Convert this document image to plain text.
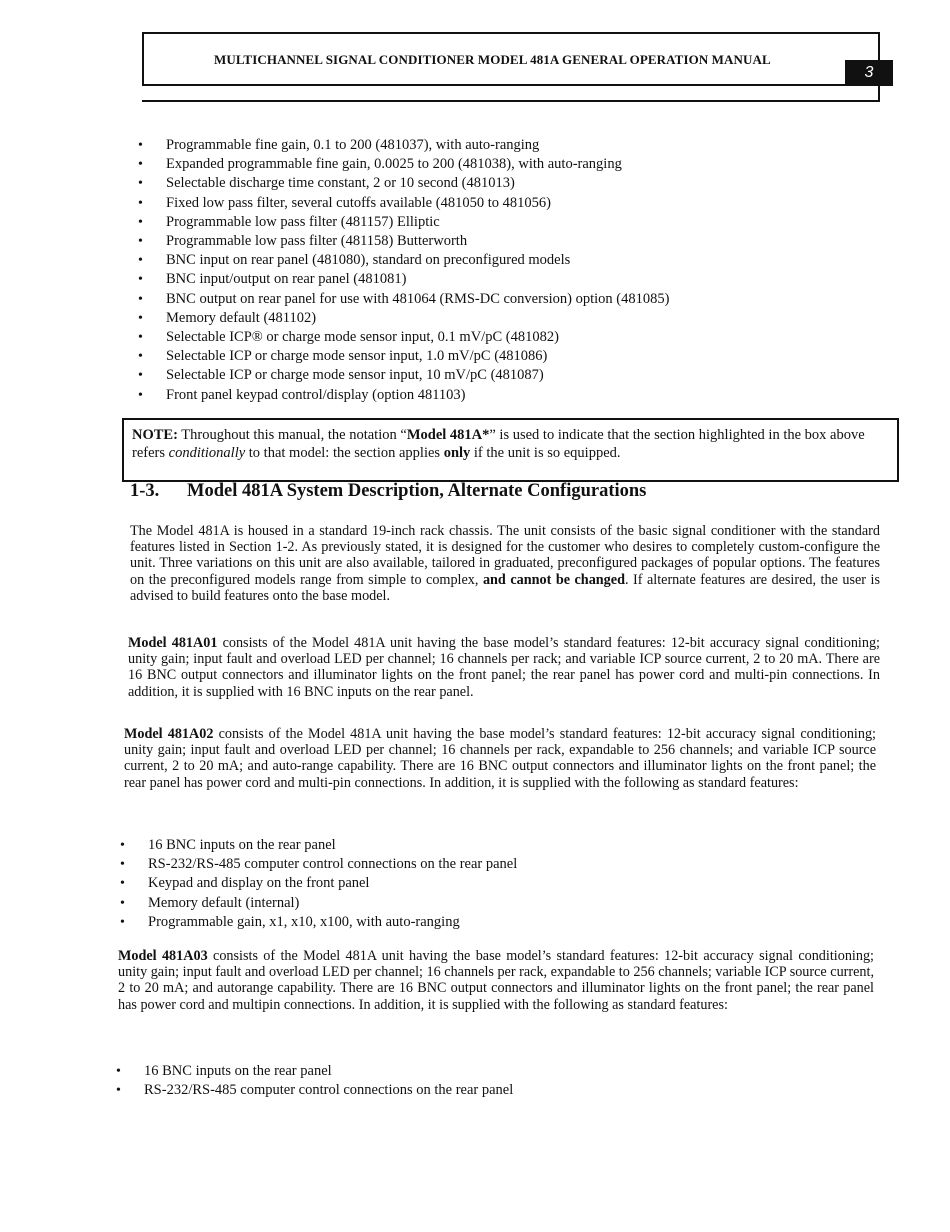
MULTICHANNEL SIGNAL CONDITIONER MODEL 481A GENERAL OPERATION MANUAL
3
• Programmable fine gain, 0.1 to 200 (481037), with auto-ranging
• Expanded programmable fine gain, 0.0025 to 200 (481038), with auto-ranging
• Selectable discharge time constant, 2 or 10 second (481013)
• Fixed low pass filter, several cutoffs available (481050 to 481056)
• Programmable low pass filter (481157) Elliptic
• Programmable low pass filter (481158) Butterworth
• BNC input on rear panel (481080), standard on preconfigured models
• BNC input/output on rear panel (481081)
• BNC output on rear panel for use with 481064 (RMS-DC conversion) option (481085)
• Memory default (481102)
• Selectable ICP® or charge mode sensor input, 0.1 mV/pC (481082)
• Selectable ICP or charge mode sensor input, 1.0 mV/pC (481086)
• Selectable ICP or charge mode sensor input, 10 mV/pC (481087)
• Front panel keypad control/display (option 481103)
NOTE: Throughout this manual, the notation “Model 481A*” is used to indicate that the section highlighted in the box above refers conditionally to that model: the section applies only if the unit is so equipped.
1-3. Model 481A System Description, Alternate Configurations
The Model 481A is housed in a standard 19-inch rack chassis. The unit consists of the basic signal conditioner with the standard features listed in Section 1-2. As previously stated, it is designed for the customer who desires to completely custom-configure the unit. Three variations on this unit are also available, tailored in graduated, preconfigured packages of popular options. The features on the preconfigured models range from simple to complex, and cannot be changed. If alternate features are desired, the user is advised to build features onto the base model.
Model 481A01 consists of the Model 481A unit having the base model’s standard features: 12-bit accuracy signal conditioning; unity gain; input fault and overload LED per channel; 16 channels per rack; and variable ICP source current, 2 to 20 mA. There are 16 BNC output connectors and illuminator lights on the front panel; the rear panel has power cord and multi-pin connections. In addition, it is supplied with 16 BNC inputs on the rear panel.
Model 481A02 consists of the Model 481A unit having the base model’s standard features: 12-bit accuracy signal conditioning; unity gain; input fault and overload LED per channel; 16 channels per rack, expandable to 256 channels; and variable ICP source current, 2 to 20 mA; and auto-range capability. There are 16 BNC output connectors and illuminator lights on the front panel; the rear panel has power cord and multi-pin connections. In addition, it is supplied with the following as standard features:
• 16 BNC inputs on the rear panel
• RS-232/RS-485 computer control connections on the rear panel
• Keypad and display on the front panel
• Memory default (internal)
• Programmable gain, x1, x10, x100, with auto-ranging
Model 481A03 consists of the Model 481A unit having the base model’s standard features: 12-bit accuracy signal conditioning; unity gain; input fault and overload LED per channel; 16 channels per rack, expandable to 256 channels; variable ICP source current, 2 to 20 mA; and autorange capability. There are 16 BNC output connectors and illuminator lights on the front panel; the rear panel has power cord and multipin connections. In addition, it is supplied with the following as standard features:
• 16 BNC inputs on the rear panel
• RS-232/RS-485 computer control connections on the rear panel
